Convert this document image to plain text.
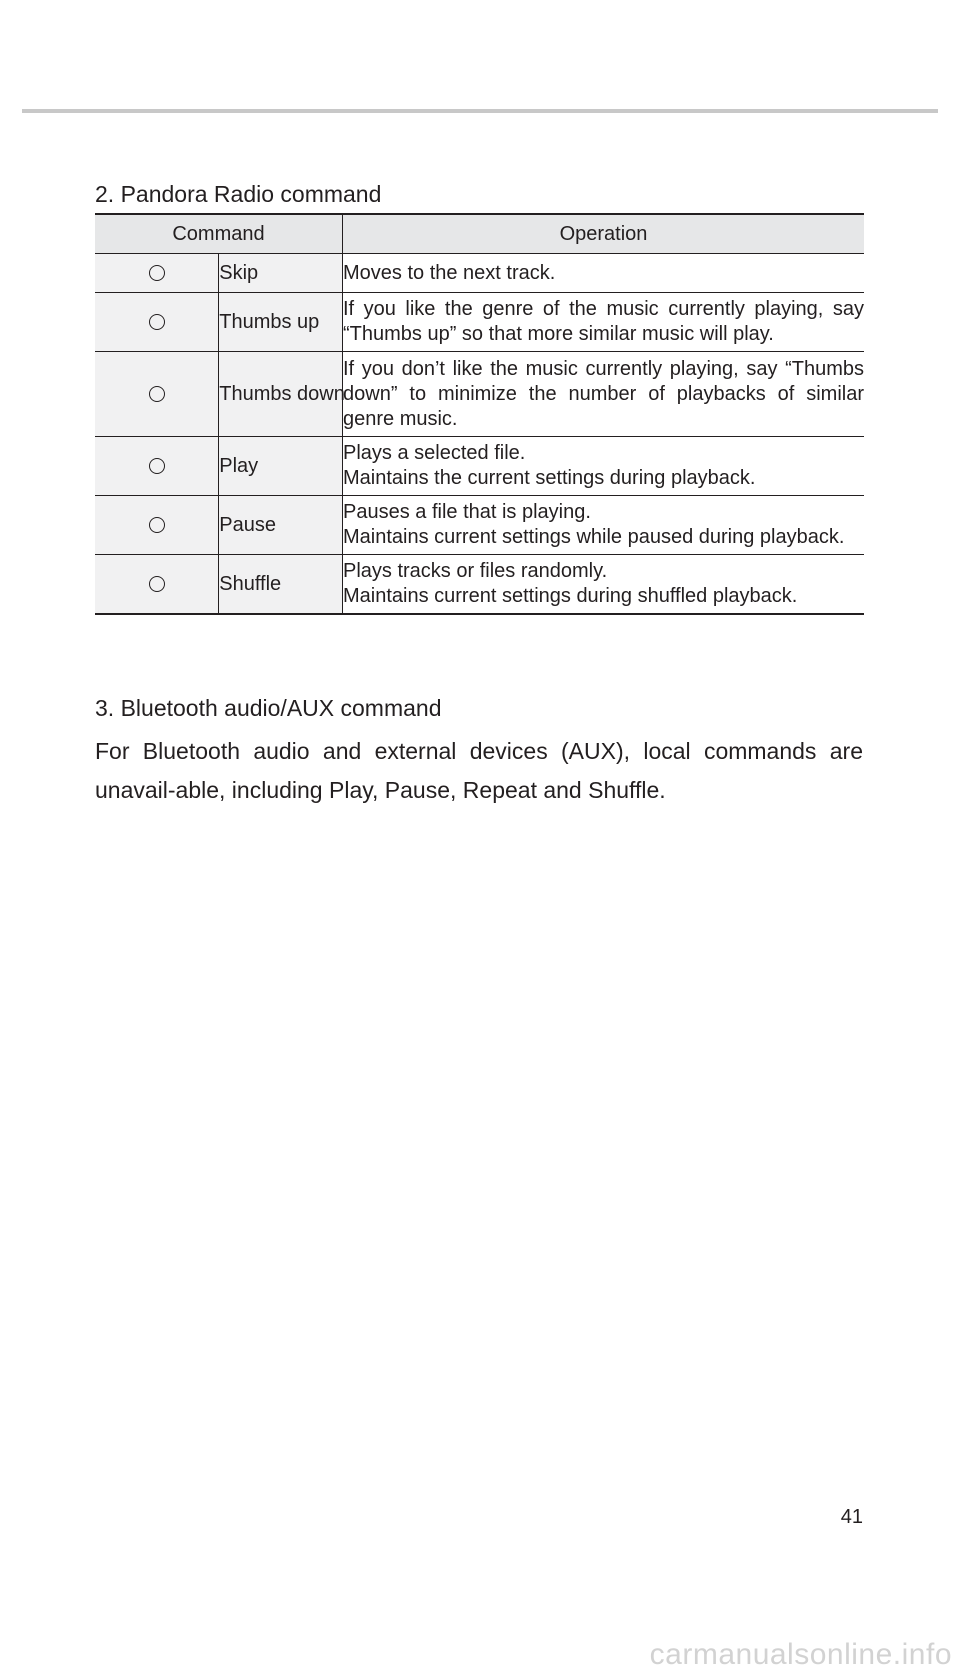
2. Pandora Radio command
Command		Operation
	Skip	Moves to the next track.

	Thumbs up	If you like the genre of the music currently playing, say “Thumbs up” so that more similar music will play.

	Thumbs down	If you don’t like the music currently playing, say “Thumbs down” to minimize the number of playbacks of similar genre music.

	Play	Plays a selected file.
Maintains the current settings during playback.

	Pause	Pauses a file that is playing.
Maintains current settings while paused during playback.

	Shuffle	Plays tracks or files randomly.
Maintains current settings during shuffled playback.
3. Bluetooth audio/AUX command
For Bluetooth audio and external devices (AUX), local commands are unavail-able, including Play, Pause, Repeat and Shuffle.
41
carmanualsonline.info
